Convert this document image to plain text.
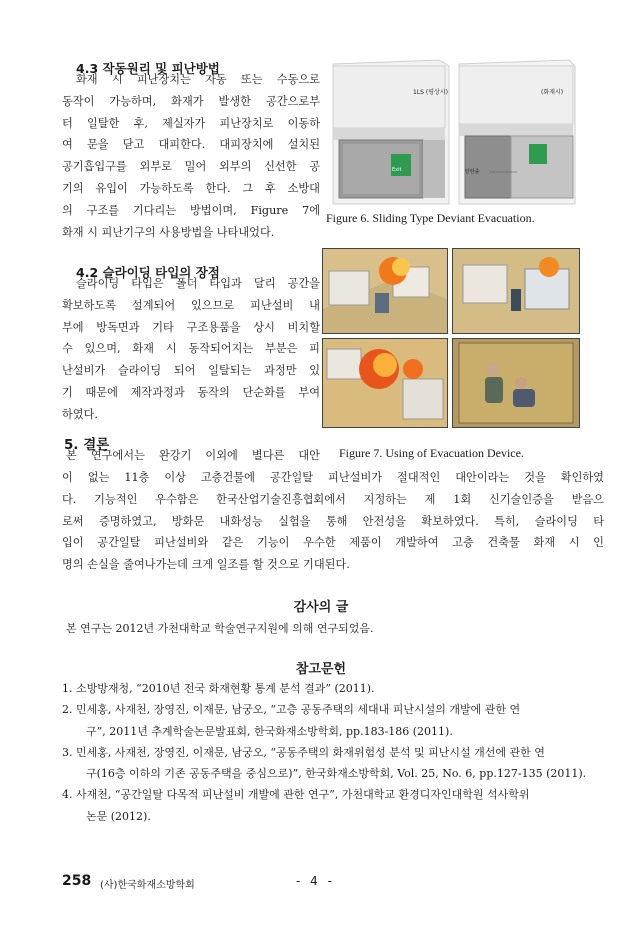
4.3 작동원리 및 피난방법
화재 시 피난장치는 자동 또는 수동으로
동작이 가능하며, 화재가 발생한 공간으로부
터 일탈한 후, 제실자가 피난장치로 이동하
여 문을 닫고 대피한다. 대피장치에 설치된
공기흡입구를 외부로 밀어 외부의 신선한 공
기의 유입이 가능하도록 한다. 그 후 소방대
의 구조를 기다리는 방법이며, Figure 7에
화재 시 피난기구의 사용방법을 나타내었다.
4.2 슬라이딩 타입의 장점
슬라이딩 타입은 폴더 타입과 달리 공간을
확보하도록 설계되어 있으므로 피난설비 내
부에 방독면과 기타 구조용품을 상시 비치할
수 있으며, 화재 시 동작되어지는 부분은 피
난설비가 슬라이딩 되어 일탈되는 과정만 있
기 때문에 제작과정과 동작의 단순화를 부여
하였다.
1LS (평상시)	(화재시)
탄탄출
Exit
Figure 6. Sliding Type Deviant Evacuation.
Figure 7. Using of Evacuation Device.
5. 결론
본 연구에서는 완강기 이외에 별다른 대안
이 없는 11층 이상 고층건물에 공간일탈 피난설비가 절대적인 대안이라는 것을 확인하였
다. 기능적인 우수함은 한국산업기술진흥협회에서 지정하는 제 1회 신기술인증을 받음으
로써 증명하였고, 방화문 내화성능 실험을 통해 안전성을 확보하였다. 특히, 슬라이딩 타
입이 공간일탈 피난설비와 같은 기능이 우수한 제품이 개발하여 고층 건축물 화재 시 인
명의 손실을 줄여나가는데 크게 일조를 할 것으로 기대된다.
감사의 글
본 연구는 2012년 가천대학교 학술연구지원에 의해 연구되었음.
참고문헌
1. 소방방재청, “2010년 전국 화재현황 통계 분석 결과” (2011).
2. 민세홍, 사재천, 장영진, 이재문, 남궁오, “고층 공동주택의 세대내 피난시설의 개발에 관한 연
구”, 2011년 추계학술논문발표회, 한국화재소방학회, pp.183-186 (2011).
3. 민세홍, 사재천, 장영진, 이재문, 남궁오, “공동주택의 화재위험성 분석 및 피난시설 개선에 관한 연
구(16층 이하의 기존 공동주택을 중심으로)”, 한국화재소방학회, Vol. 25, No. 6, pp.127-135 (2011).
4. 사재천, “공간일탈 다목적 피난설비 개발에 관한 연구”, 가천대학교 환경디자인대학원 석사학위
논문 (2012).
258 (사)한국화재소방학회	- 4 -
